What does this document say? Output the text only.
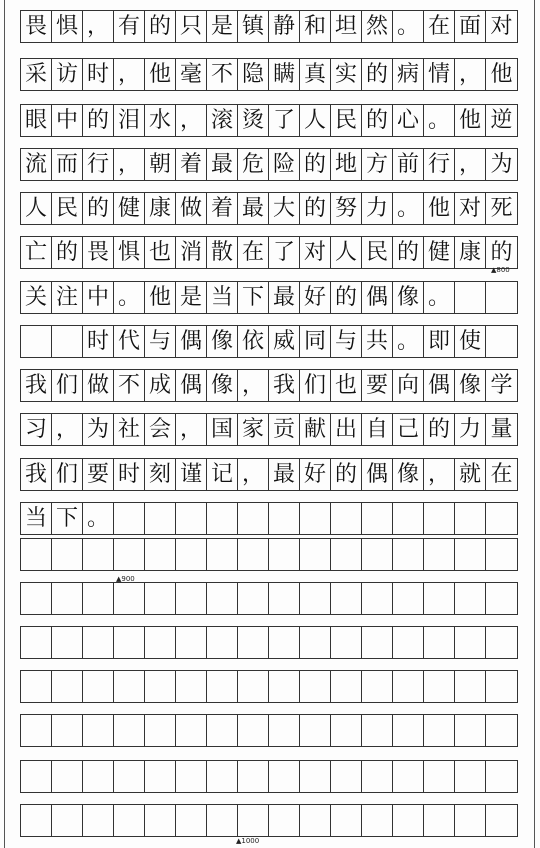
畏 惧 ， 有 的 只 是 镇 静 和 坦 然 。 在 面 对
采 访 时 ， 他 毫 不 隐 瞒 真 实 的 病 情 ， 他
眼 中 的 泪 水 ， 滚 烫 了 人 民 的 心 。 他 逆
流 而 行 ， 朝 着 最 危 险 的 地 方 前 行 ， 为
人 民 的 健 康 做 着 最 大 的 努 力 。 他 对 死
亡 的 畏 惧 也 消 散 在 了 对 人 民 的 健 康 的
关 注 中 。 他 是 当 下 最 好 的 偶 像 。

时 代 与 偶 像 依 威 同 与 共 。 即 使
我 们 做 不 成 偶 像 ， 我 们 也 要 向 偶 像 学
习 ， 为 社 会 ， 国 家 贡 献 出 自 己 的 力 量
我 们 要 时 刻 谨 记 ， 最 好 的 偶 像 ， 就 在
当 下 。
▲800
▲900
▲1000
